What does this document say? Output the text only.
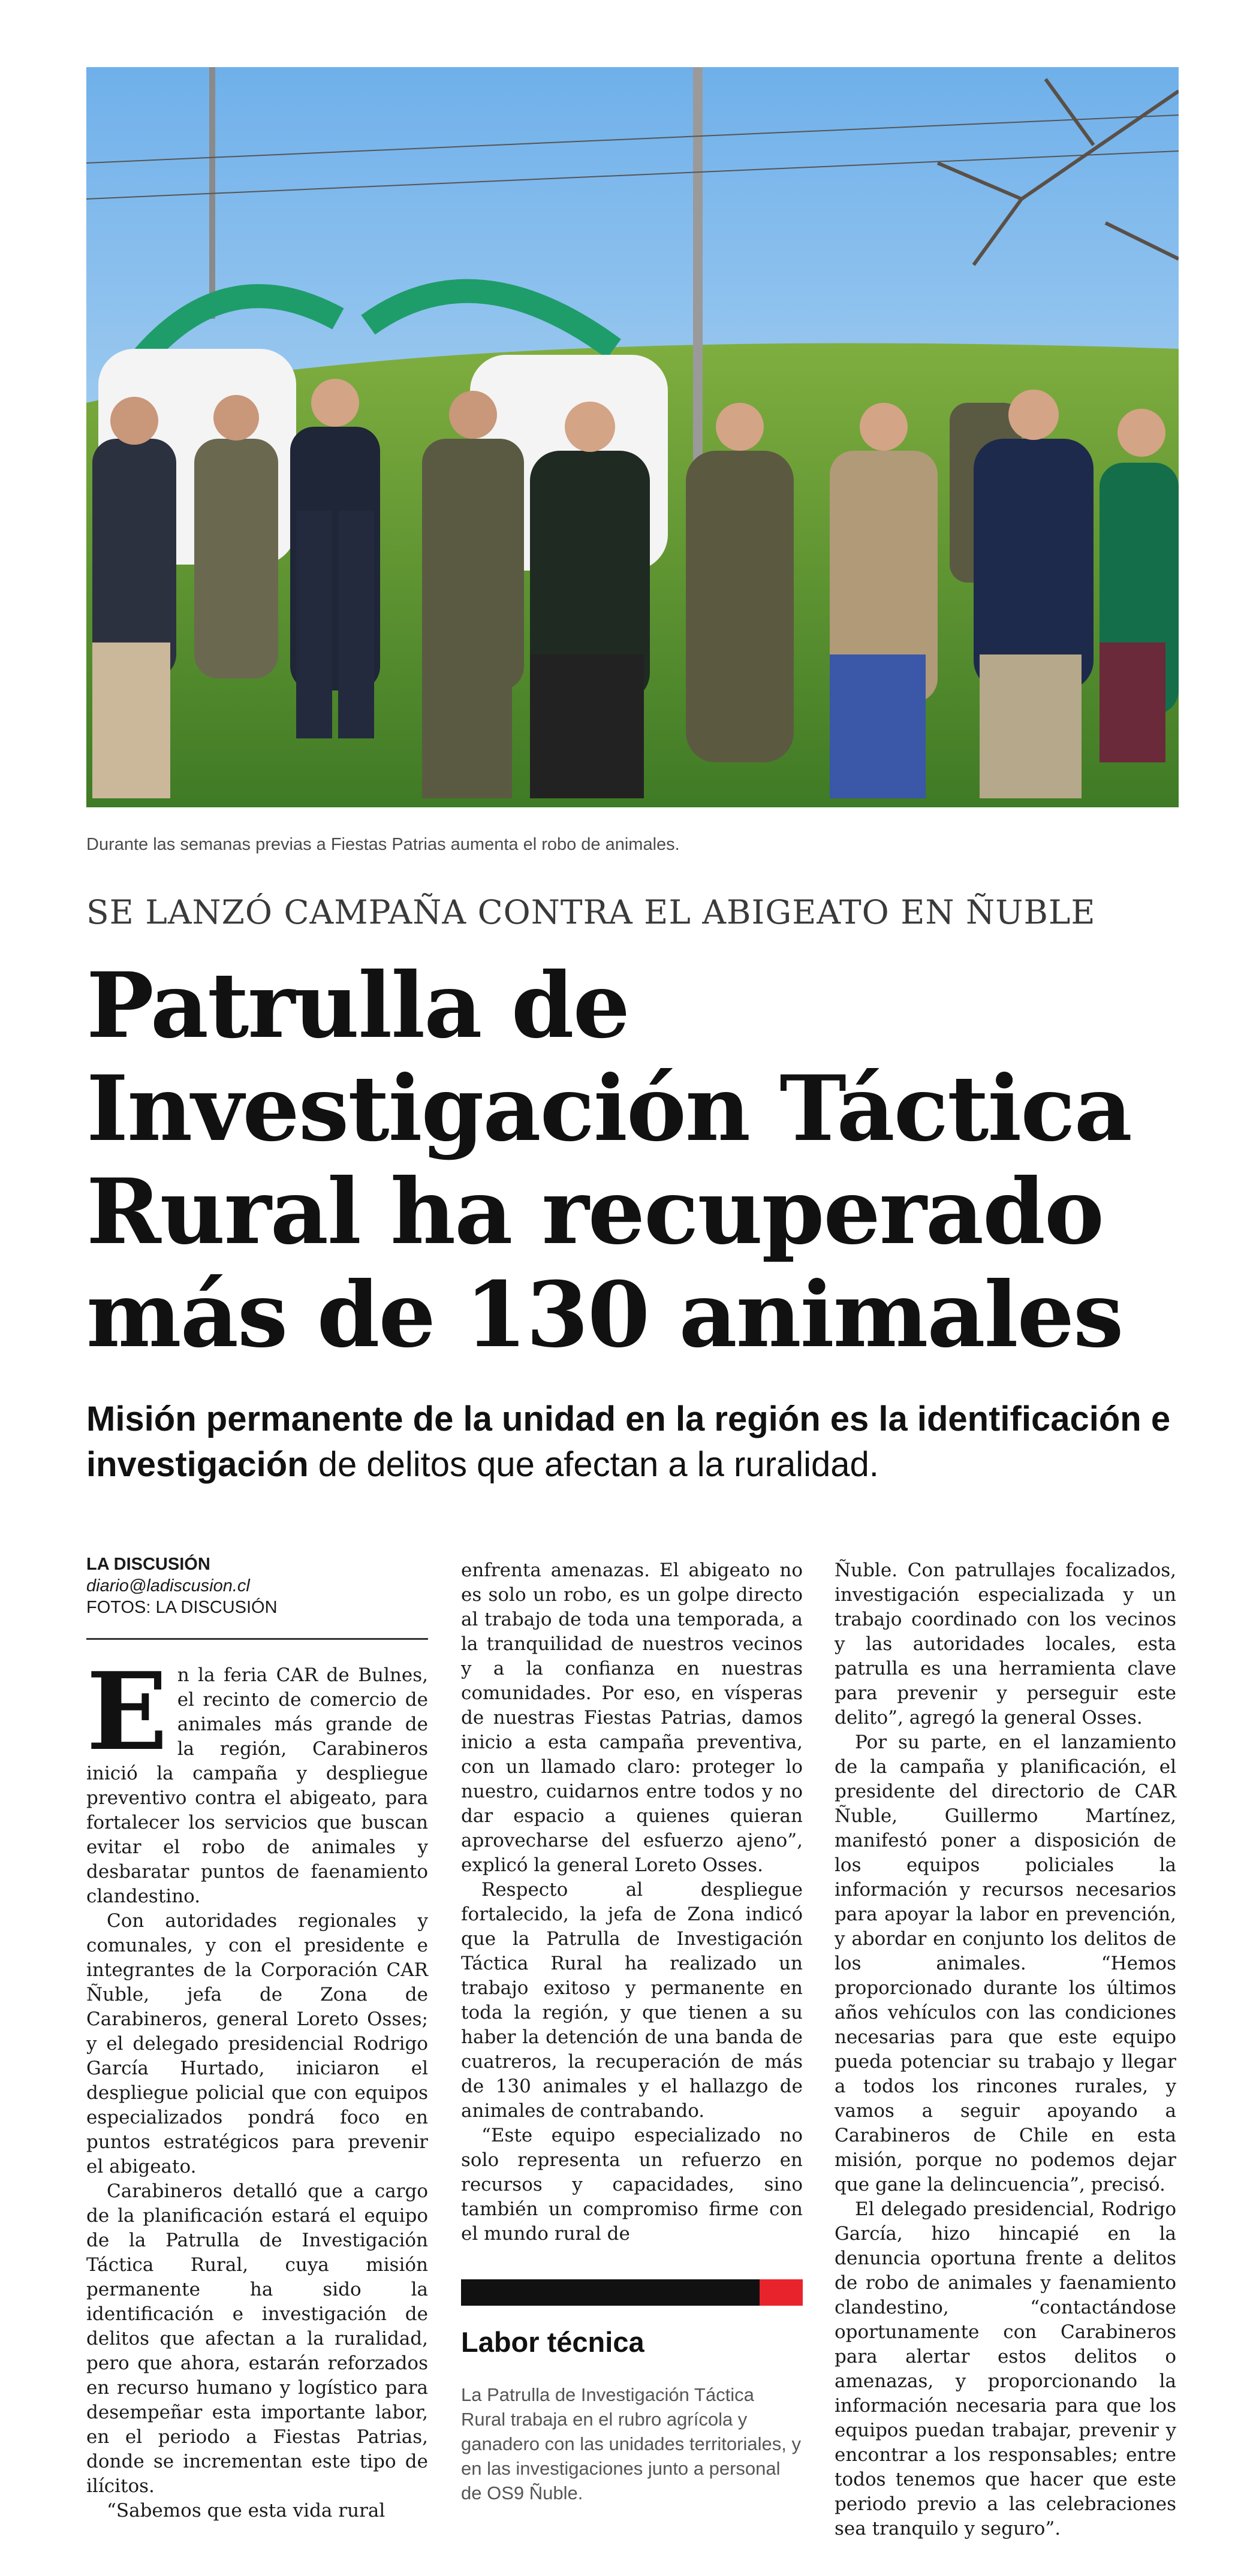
Durante las semanas previas a Fiestas Patrias aumenta el robo de animales.
SE LANZÓ CAMPAÑA CONTRA EL ABIGEATO EN ÑUBLE
Patrulla de
Investigación Táctica
Rural ha recuperado
más de 130 animales
Misión permanente de la unidad en la región es la identificación e investigación de delitos que afectan a la ruralidad.
LA DISCUSIÓN
diario@ladiscusion.cl
FOTOS: LA DISCUSIÓN

En la feria CAR de Bulnes, el recinto de comercio de animales más grande de la región, Carabineros inició la campaña y despliegue preventivo contra el abigeato, para fortalecer los servicios que buscan evitar el robo de animales y desbaratar puntos de faenamiento clandestino.

Con autoridades regionales y comunales, y con el presidente e integrantes de la Corporación CAR Ñuble, jefa de Zona de Carabineros, general Loreto Osses; y el delegado presidencial Rodrigo García Hurtado, iniciaron el despliegue policial que con equipos especializados pondrá foco en puntos estratégicos para prevenir el abigeato.

Carabineros detalló que a cargo de la planificación estará el equipo de la Patrulla de Investigación Táctica Rural, cuya misión permanente ha sido la identificación e investigación de delitos que afectan a la ruralidad, pero que ahora, estarán reforzados en recurso humano y logístico para desempeñar esta importante labor, en el periodo a Fiestas Patrias, donde se incrementan este tipo de ilícitos.

“Sabemos que esta vida rural

enfrenta amenazas. El abigeato no es solo un robo, es un golpe directo al trabajo de toda una temporada, a la tranquilidad de nuestros vecinos y a la confianza en nuestras comunidades. Por eso, en vísperas de nuestras Fiestas Patrias, damos inicio a esta campaña preventiva, con un llamado claro: proteger lo nuestro, cuidarnos entre todos y no dar espacio a quienes quieran aprovecharse del esfuerzo ajeno”, explicó la general Loreto Osses.

Respecto al despliegue fortalecido, la jefa de Zona indicó que la Patrulla de Investigación Táctica Rural ha realizado un trabajo exitoso y permanente en toda la región, y que tienen a su haber la detención de una banda de cuatreros, la recuperación de más de 130 animales y el hallazgo de animales de contrabando.

“Este equipo especializado no solo representa un refuerzo en recursos y capacidades, sino también un compromiso firme con el mundo rural de

Ñuble. Con patrullajes focalizados, investigación especializada y un trabajo coordinado con los vecinos y las autoridades locales, esta patrulla es una herramienta clave para prevenir y perseguir este delito”, agregó la general Osses.

Por su parte, en el lanzamiento de la campaña y planificación, el presidente del directorio de CAR Ñuble, Guillermo Martínez, manifestó poner a disposición de los equipos policiales la información y recursos necesarios para apoyar la labor en prevención, y abordar en conjunto los delitos de los animales. “Hemos proporcionado durante los últimos años vehículos con las condiciones necesarias para que este equipo pueda potenciar su trabajo y llegar a todos los rincones rurales, y vamos a seguir apoyando a Carabineros de Chile en esta misión, porque no podemos dejar que gane la delincuencia”, precisó.

El delegado presidencial, Rodrigo García, hizo hincapié en la denuncia oportuna frente a delitos de robo de animales y faenamiento clandestino, “contactándose oportunamente con Carabineros para alertar estos delitos o amenazas, y proporcionando la información necesaria para que los equipos puedan trabajar, prevenir y encontrar a los responsables; entre todos tenemos que hacer que este periodo previo a las celebraciones sea tranquilo y seguro”.

Labor técnica
La Patrulla de Investigación Táctica Rural trabaja en el rubro agrícola y ganadero con las unidades territoriales, y en las investigaciones junto a personal de OS9 Ñuble.
